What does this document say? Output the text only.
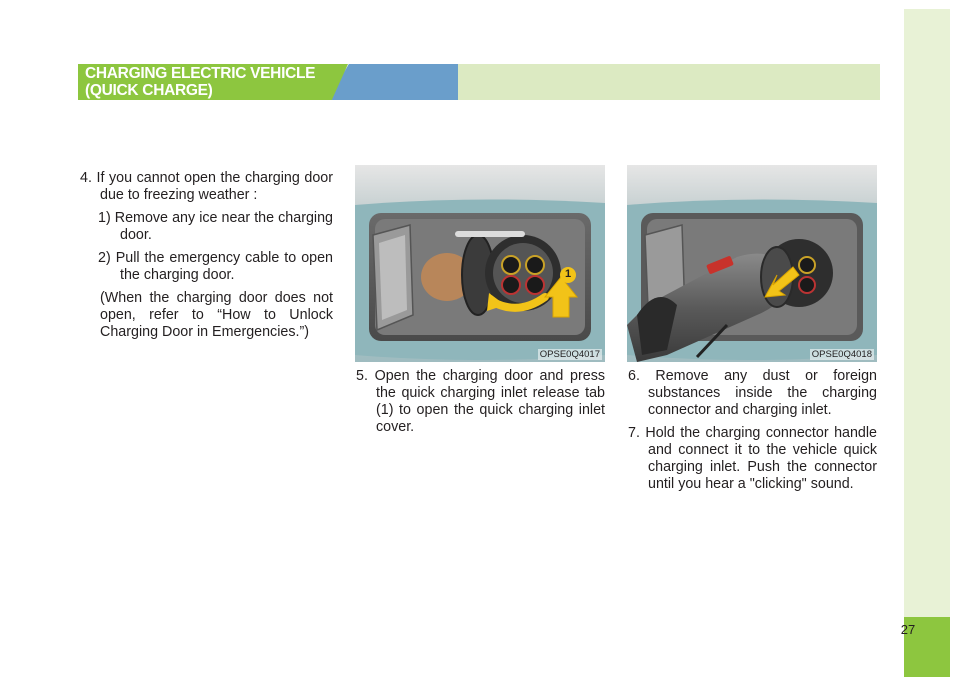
27
CHARGING ELECTRIC VEHICLE
(QUICK CHARGE)

4. If you cannot open the charging door due to freezing weather :

1) Remove any ice near the charging door.

2) Pull the emergency cable to open the charging door.

(When the charging door does not open, refer to “How to Unlock Charging Door in Emergencies.”)

1
OPSE0Q4017	OPSE0Q4018

5. Open the charging door and press the quick charging inlet release tab (1) to open the quick charging inlet cover.

6. Remove any dust or foreign substances inside the charging connector and charging inlet.

7. Hold the charging connector handle and connect it to the vehicle quick charging inlet. Push the connector until you hear a "clicking" sound.
